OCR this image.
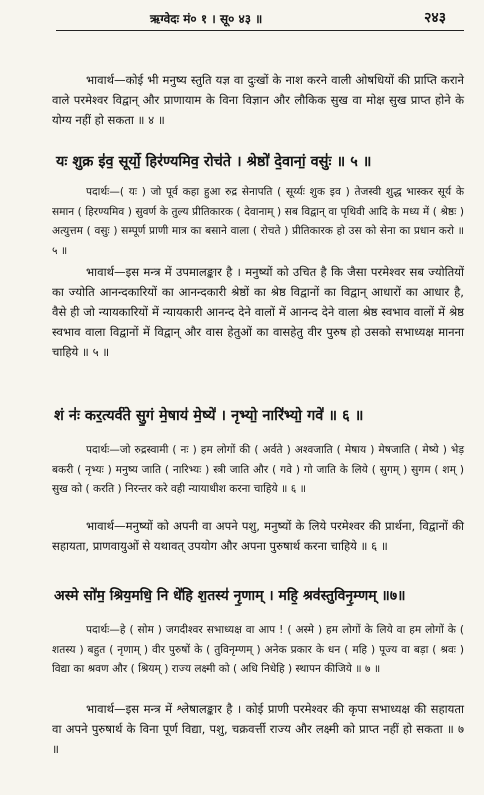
ऋग्वेदः मं० १ । सू० ४३ ॥	२४३

भावार्थ—कोई भी मनुष्य स्तुति यज्ञ वा दुःखों के नाश करने वाली ओषधियों की प्राप्ति कराने वाले परमेश्वर विद्वान् और प्राणायाम के विना विज्ञान और लौकिक सुख वा मोक्ष सुख प्राप्त होने के योग्य नहीं हो सकता ॥ ४ ॥

यः शुक्र इ॑व॒ सूर्यो॒ हिर॑ण्यमिव॒ रोच॑ते । श्रेष्ठो॑ दे॒वानां॒ वसुः॑ ॥ ५ ॥

पदार्थः—( यः ) जो पूर्व कहा हुआ रुद्र सेनापति ( सूर्य्यः शुक इव ) तेजस्वी शुद्ध भास्कर सूर्य के समान ( हिरण्यमिव ) सुवर्ण के तुल्य प्रीतिकारक ( देवानाम् ) सब विद्वान् वा पृथिवी आदि के मध्य में ( श्रेष्ठः ) अत्युत्तम ( वसुः ) सम्पूर्ण प्राणी मात्र का बसाने वाला ( रोचते ) प्रीतिकारक हो उस को सेना का प्रधान करो ॥ ५ ॥

भावार्थ—इस मन्त्र में उपमालङ्कार है । मनुष्यों को उचित है कि जैसा परमेश्वर सब ज्योतियों का ज्योति आनन्दकारियों का आनन्दकारी श्रेष्ठों का श्रेष्ठ विद्वानों का विद्वान् आधारों का आधार है, वैसे ही जो न्यायकारियों में न्यायकारी आनन्द देने वालों में आनन्द देने वाला श्रेष्ठ स्वभाव वालों में श्रेष्ठ स्वभाव वाला विद्वानों में विद्वान् और वास हेतुओं का वासहेतु वीर पुरुष हो उसको सभाध्यक्ष मानना चाहिये ॥ ५ ॥

शं नः॑ कर॒त्यर्व॑ते सु॒गं मे॒षाय॑ मे॒ष्ये॑ । नृभ्यो॒ नारि॑भ्यो॒ गवे॑ ॥ ६ ॥

पदार्थः—जो रुद्रस्वामी ( नः ) हम लोगों की ( अर्वते ) अश्वजाति ( मेषाय ) मेषजाति ( मेष्ये ) भेड़ बकरी ( नृभ्यः ) मनुष्य जाति ( नारिभ्यः ) स्त्री जाति और ( गवे ) गो जाति के लिये ( सुगम् ) सुगम ( शम् ) सुख को ( करति ) निरन्तर करे वही न्यायाधीश करना चाहिये ॥ ६ ॥

भावार्थ—मनुष्यों को अपनी वा अपने पशु, मनुष्यों के लिये परमेश्वर की प्रार्थना, विद्वानों की सहायता, प्राणवायुओं से यथावत् उपयोग और अपना पुरुषार्थ करना चाहिये ॥ ६ ॥

अस्मे सो॑म॒ श्रिय॒मधि॒ नि धे॑हि श॒तस्य॑ नृ॒णाम् । महि॒ श्रव॑स्तुविनृ॒म्णम् ॥७॥

पदार्थः—हे ( सोम ) जगदीश्वर सभाध्यक्ष वा आप ! ( अस्मे ) हम लोगों के लिये वा हम लोगों के ( शतस्य ) बहुत ( नृणाम् ) वीर पुरुषों के ( तुविनृम्णम् ) अनेक प्रकार के धन ( महि ) पूज्य वा बड़ा ( श्रवः ) विद्या का श्रवण और ( श्रियम् ) राज्य लक्ष्मी को ( अधि निधेहि ) स्थापन कीजिये ॥ ७ ॥

भावार्थ—इस मन्त्र में श्लेषालङ्कार है । कोई प्राणी परमेश्वर की कृपा सभाध्यक्ष की सहायता वा अपने पुरुषार्थ के विना पूर्ण विद्या, पशु, चक्रवर्त्ती राज्य और लक्ष्मी को प्राप्त नहीं हो सकता ॥ ७ ॥
